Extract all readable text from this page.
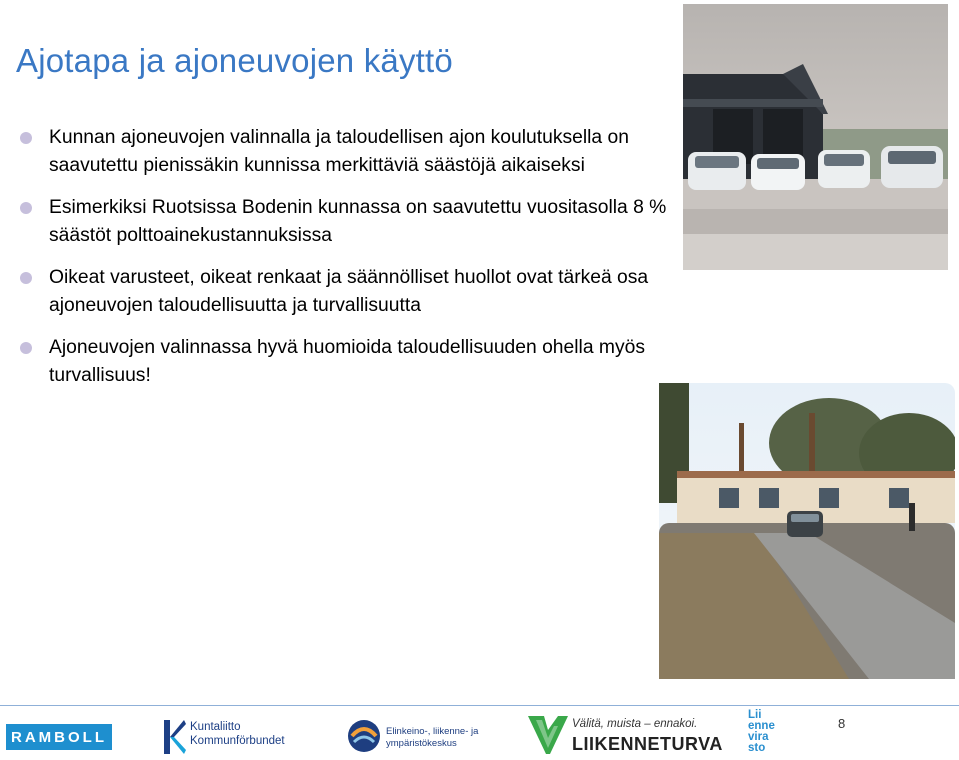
Ajotapa ja ajoneuvojen käyttö
Kunnan ajoneuvojen valinnalla ja taloudellisen ajon koulutuksella on saavutettu pienissäkin kunnissa merkittäviä säästöjä aikaiseksi
Esimerkiksi Ruotsissa Bodenin kunnassa on saavutettu vuositasolla 8 % säästöt polttoainekustannuksissa
Oikeat varusteet, oikeat renkaat ja säännölliset huollot ovat tärkeä osa ajoneuvojen taloudellisuutta ja turvallisuutta
Ajoneuvojen valinnassa hyvä huomioida taloudellisuuden ohella myös turvallisuus!
RAMBOLL
Kuntaliitto
Kommunförbundet
Elinkeino-, liikenne- ja
ympäristökeskus
Välitä, muista – ennakoi.
LIIKENNETURVA
Lii
enne
vira
sto
8
